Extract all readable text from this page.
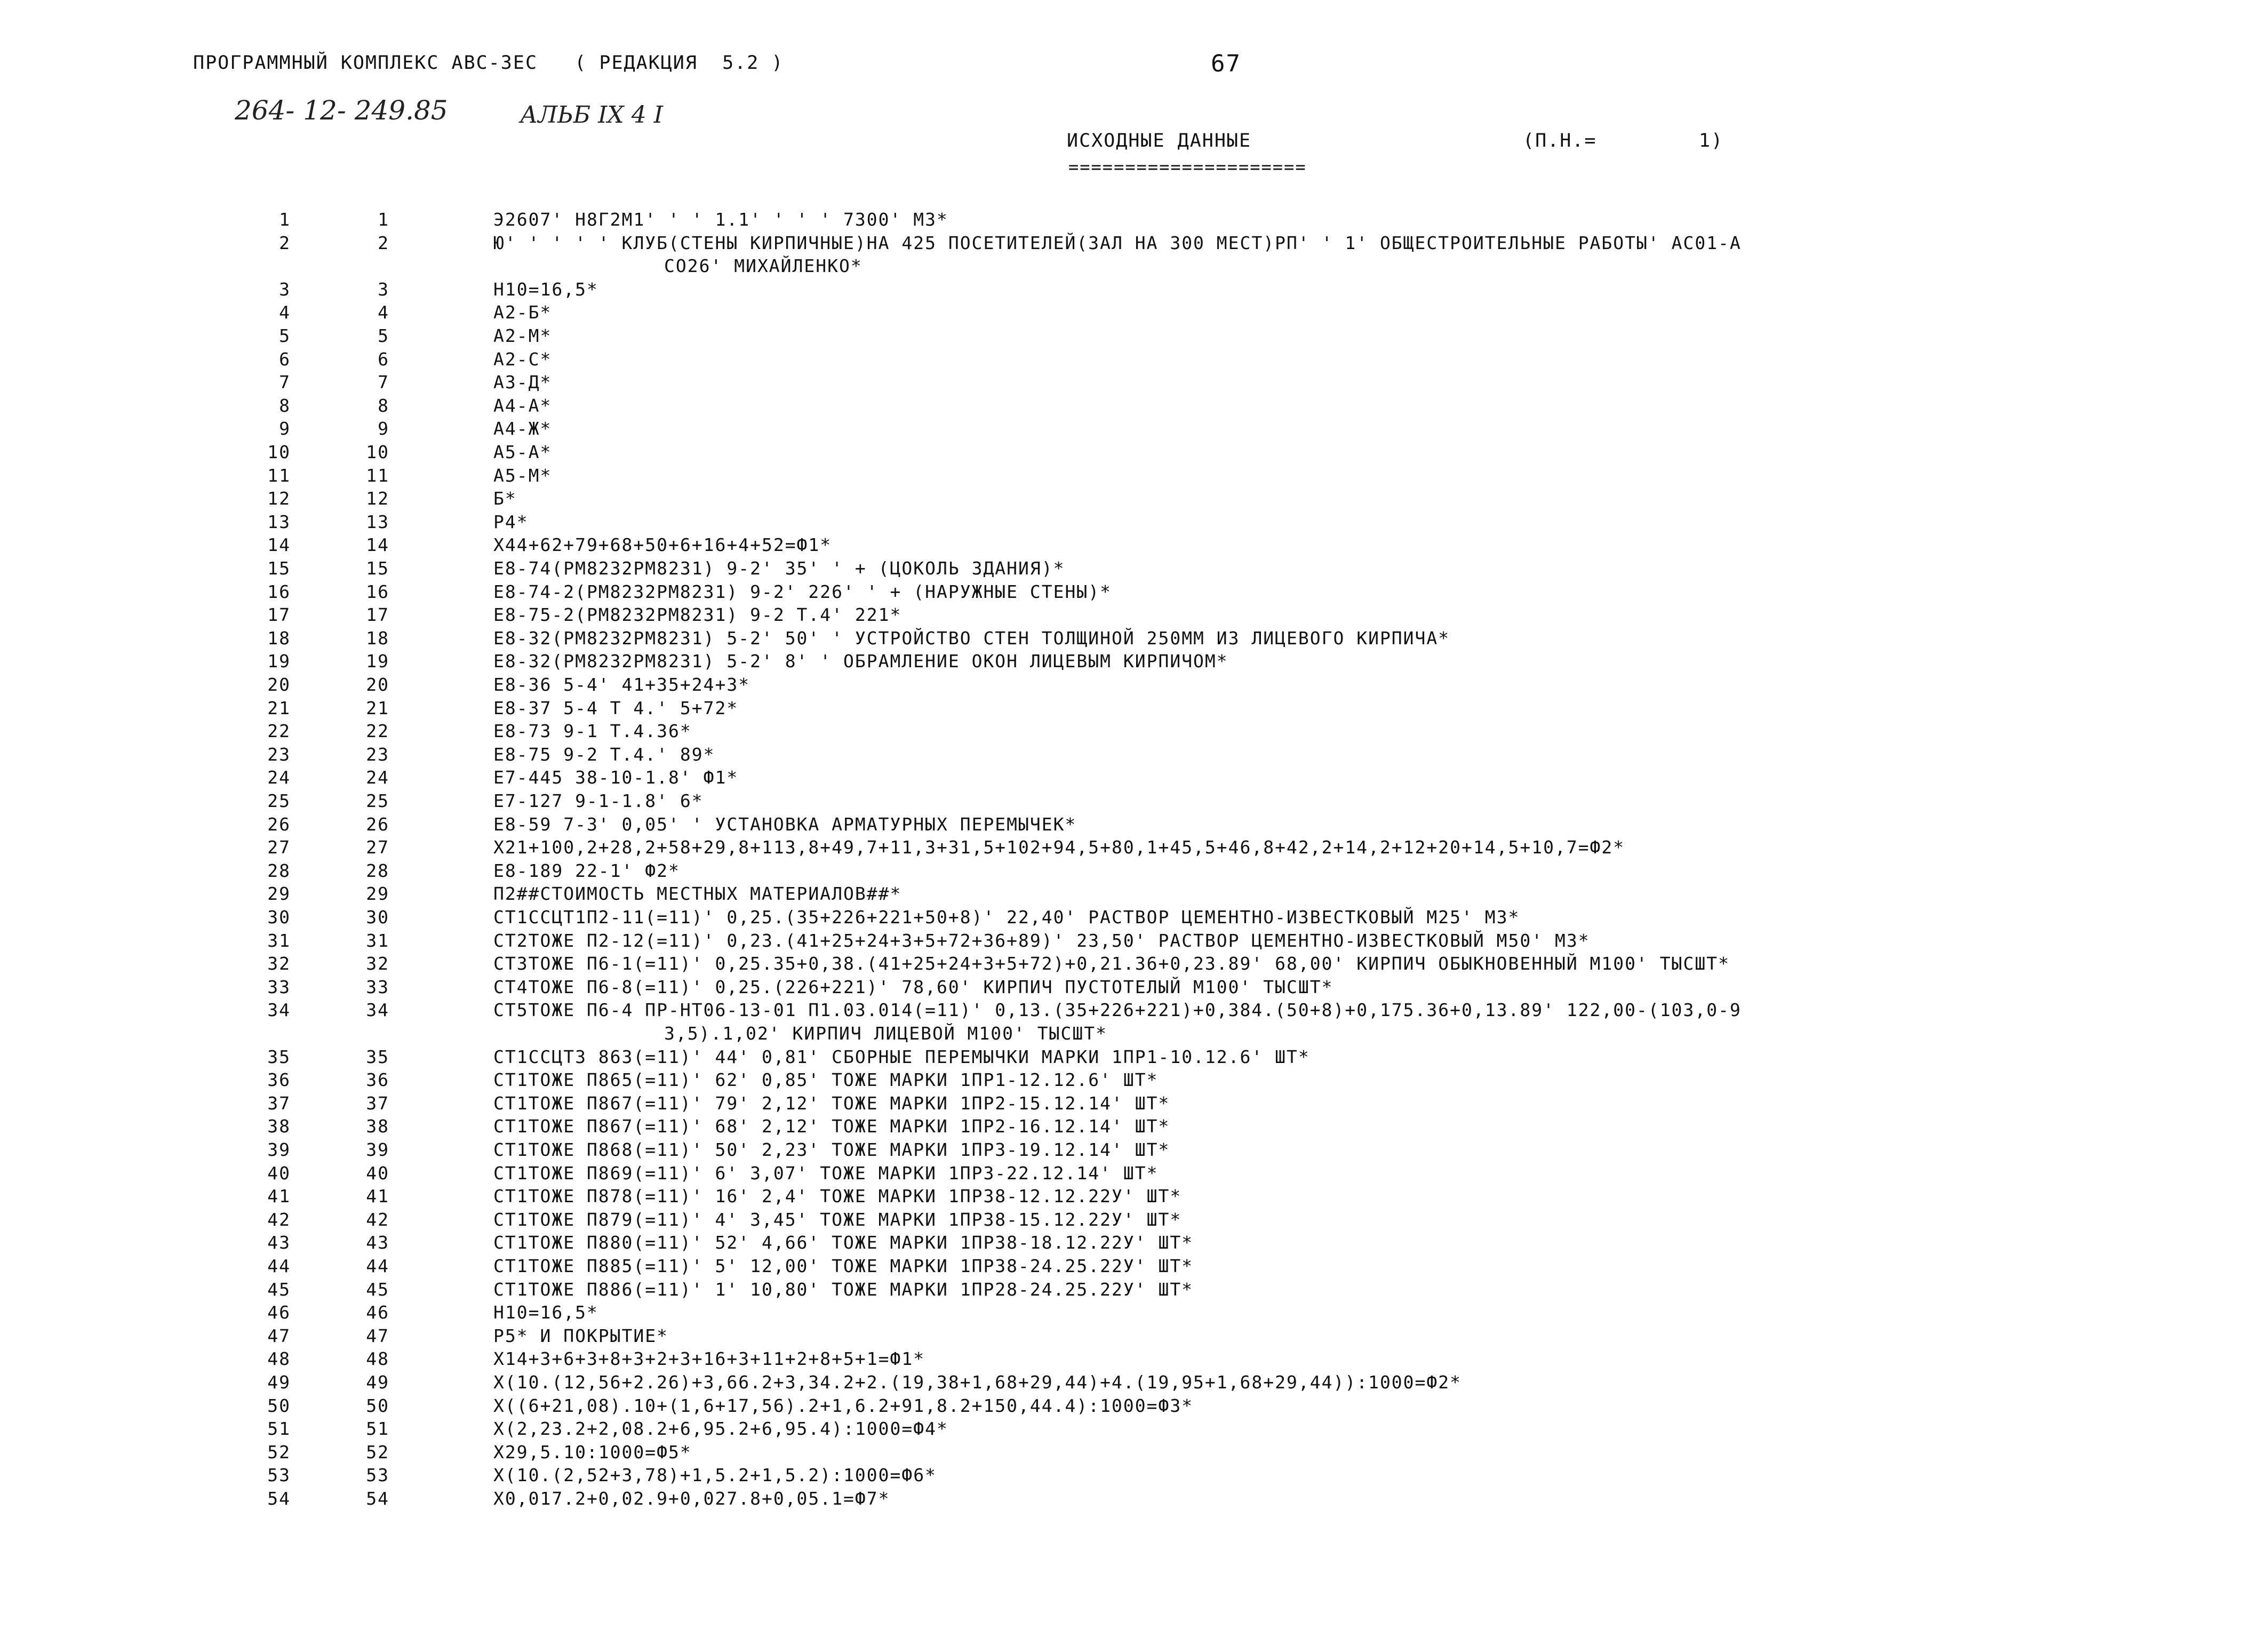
ПРОГРАММНЫЙ КОМПЛЕКС АВС-3ЕС   ( РЕДАКЦИЯ  5.2 )	67
264- 12- 249.85	АЛЬБ IX 4 I
ИСХОДНЫЕ ДАННЫЕ	(П.Н.=	1)
=====================
1	1	Э2607' Н8Г2М1' ' ' 1.1' ' ' ' 7300' М3*
2	2	Ю' ' ' ' ' КЛУБ(СТЕНЫ КИРПИЧНЫЕ)НА 425 ПОСЕТИТЕЛЕЙ(ЗАЛ НА 300 МЕСТ)РП' ' 1' ОБЩЕСТРОИТЕЛЬНЫЕ РАБОТЫ' АС01-А
СО26' МИХАЙЛЕНКО*
3	3	Н10=16,5*
4	4	А2-Б*
5	5	А2-М*
6	6	А2-С*
7	7	А3-Д*
8	8	А4-А*
9	9	А4-Ж*
10	10	А5-А*
11	11	А5-М*
12	12	Б*
13	13	Р4*
14	14	Х44+62+79+68+50+6+16+4+52=Ф1*
15	15	Е8-74(РМ8232РМ8231) 9-2' 35' ' + (ЦОКОЛЬ ЗДАНИЯ)*
16	16	Е8-74-2(РМ8232РМ8231) 9-2' 226' ' + (НАРУЖНЫЕ СТЕНЫ)*
17	17	Е8-75-2(РМ8232РМ8231) 9-2 Т.4' 221*
18	18	Е8-32(РМ8232РМ8231) 5-2' 50' ' УСТРОЙСТВО СТЕН ТОЛЩИНОЙ 250ММ ИЗ ЛИЦЕВОГО КИРПИЧА*
19	19	Е8-32(РМ8232РМ8231) 5-2' 8' ' ОБРАМЛЕНИЕ ОКОН ЛИЦЕВЫМ КИРПИЧОМ*
20	20	Е8-36 5-4' 41+35+24+3*
21	21	Е8-37 5-4 Т 4.' 5+72*
22	22	Е8-73 9-1 Т.4.36*
23	23	Е8-75 9-2 Т.4.' 89*
24	24	Е7-445 38-10-1.8' Ф1*
25	25	Е7-127 9-1-1.8' 6*
26	26	Е8-59 7-3' 0,05' ' УСТАНОВКА АРМАТУРНЫХ ПЕРЕМЫЧЕК*
27	27	Х21+100,2+28,2+58+29,8+113,8+49,7+11,3+31,5+102+94,5+80,1+45,5+46,8+42,2+14,2+12+20+14,5+10,7=Ф2*
28	28	Е8-189 22-1' Ф2*
29	29	П2##СТОИМОСТЬ МЕСТНЫХ МАТЕРИАЛОВ##*
30	30	СТ1ССЦТ1П2-11(=11)' 0,25.(35+226+221+50+8)' 22,40' РАСТВОР ЦЕМЕНТНО-ИЗВЕСТКОВЫЙ М25' М3*
31	31	СТ2ТОЖЕ П2-12(=11)' 0,23.(41+25+24+3+5+72+36+89)' 23,50' РАСТВОР ЦЕМЕНТНО-ИЗВЕСТКОВЫЙ М50' М3*
32	32	СТ3ТОЖЕ П6-1(=11)' 0,25.35+0,38.(41+25+24+3+5+72)+0,21.36+0,23.89' 68,00' КИРПИЧ ОБЫКНОВЕННЫЙ М100' ТЫСШТ*
33	33	СТ4ТОЖЕ П6-8(=11)' 0,25.(226+221)' 78,60' КИРПИЧ ПУСТОТЕЛЫЙ М100' ТЫСШТ*
34	34	СТ5ТОЖЕ П6-4 ПР-НТ06-13-01 П1.03.014(=11)' 0,13.(35+226+221)+0,384.(50+8)+0,175.36+0,13.89' 122,00-(103,0-9
3,5).1,02' КИРПИЧ ЛИЦЕВОЙ М100' ТЫСШТ*
35	35	СТ1ССЦТ3 863(=11)' 44' 0,81' СБОРНЫЕ ПЕРЕМЫЧКИ МАРКИ 1ПР1-10.12.6' ШТ*
36	36	СТ1ТОЖЕ П865(=11)' 62' 0,85' ТОЖЕ МАРКИ 1ПР1-12.12.6' ШТ*
37	37	СТ1ТОЖЕ П867(=11)' 79' 2,12' ТОЖЕ МАРКИ 1ПР2-15.12.14' ШТ*
38	38	СТ1ТОЖЕ П867(=11)' 68' 2,12' ТОЖЕ МАРКИ 1ПР2-16.12.14' ШТ*
39	39	СТ1ТОЖЕ П868(=11)' 50' 2,23' ТОЖЕ МАРКИ 1ПР3-19.12.14' ШТ*
40	40	СТ1ТОЖЕ П869(=11)' 6' 3,07' ТОЖЕ МАРКИ 1ПР3-22.12.14' ШТ*
41	41	СТ1ТОЖЕ П878(=11)' 16' 2,4' ТОЖЕ МАРКИ 1ПР38-12.12.22У' ШТ*
42	42	СТ1ТОЖЕ П879(=11)' 4' 3,45' ТОЖЕ МАРКИ 1ПР38-15.12.22У' ШТ*
43	43	СТ1ТОЖЕ П880(=11)' 52' 4,66' ТОЖЕ МАРКИ 1ПР38-18.12.22У' ШТ*
44	44	СТ1ТОЖЕ П885(=11)' 5' 12,00' ТОЖЕ МАРКИ 1ПР38-24.25.22У' ШТ*
45	45	СТ1ТОЖЕ П886(=11)' 1' 10,80' ТОЖЕ МАРКИ 1ПР28-24.25.22У' ШТ*
46	46	Н10=16,5*
47	47	Р5* И ПОКРЫТИЕ*
48	48	Х14+3+6+3+8+3+2+3+16+3+11+2+8+5+1=Ф1*
49	49	Х(10.(12,56+2.26)+3,66.2+3,34.2+2.(19,38+1,68+29,44)+4.(19,95+1,68+29,44)):1000=Ф2*
50	50	Х((6+21,08).10+(1,6+17,56).2+1,6.2+91,8.2+150,44.4):1000=Ф3*
51	51	Х(2,23.2+2,08.2+6,95.2+6,95.4):1000=Ф4*
52	52	Х29,5.10:1000=Ф5*
53	53	Х(10.(2,52+3,78)+1,5.2+1,5.2):1000=Ф6*
54	54	Х0,017.2+0,02.9+0,027.8+0,05.1=Ф7*
